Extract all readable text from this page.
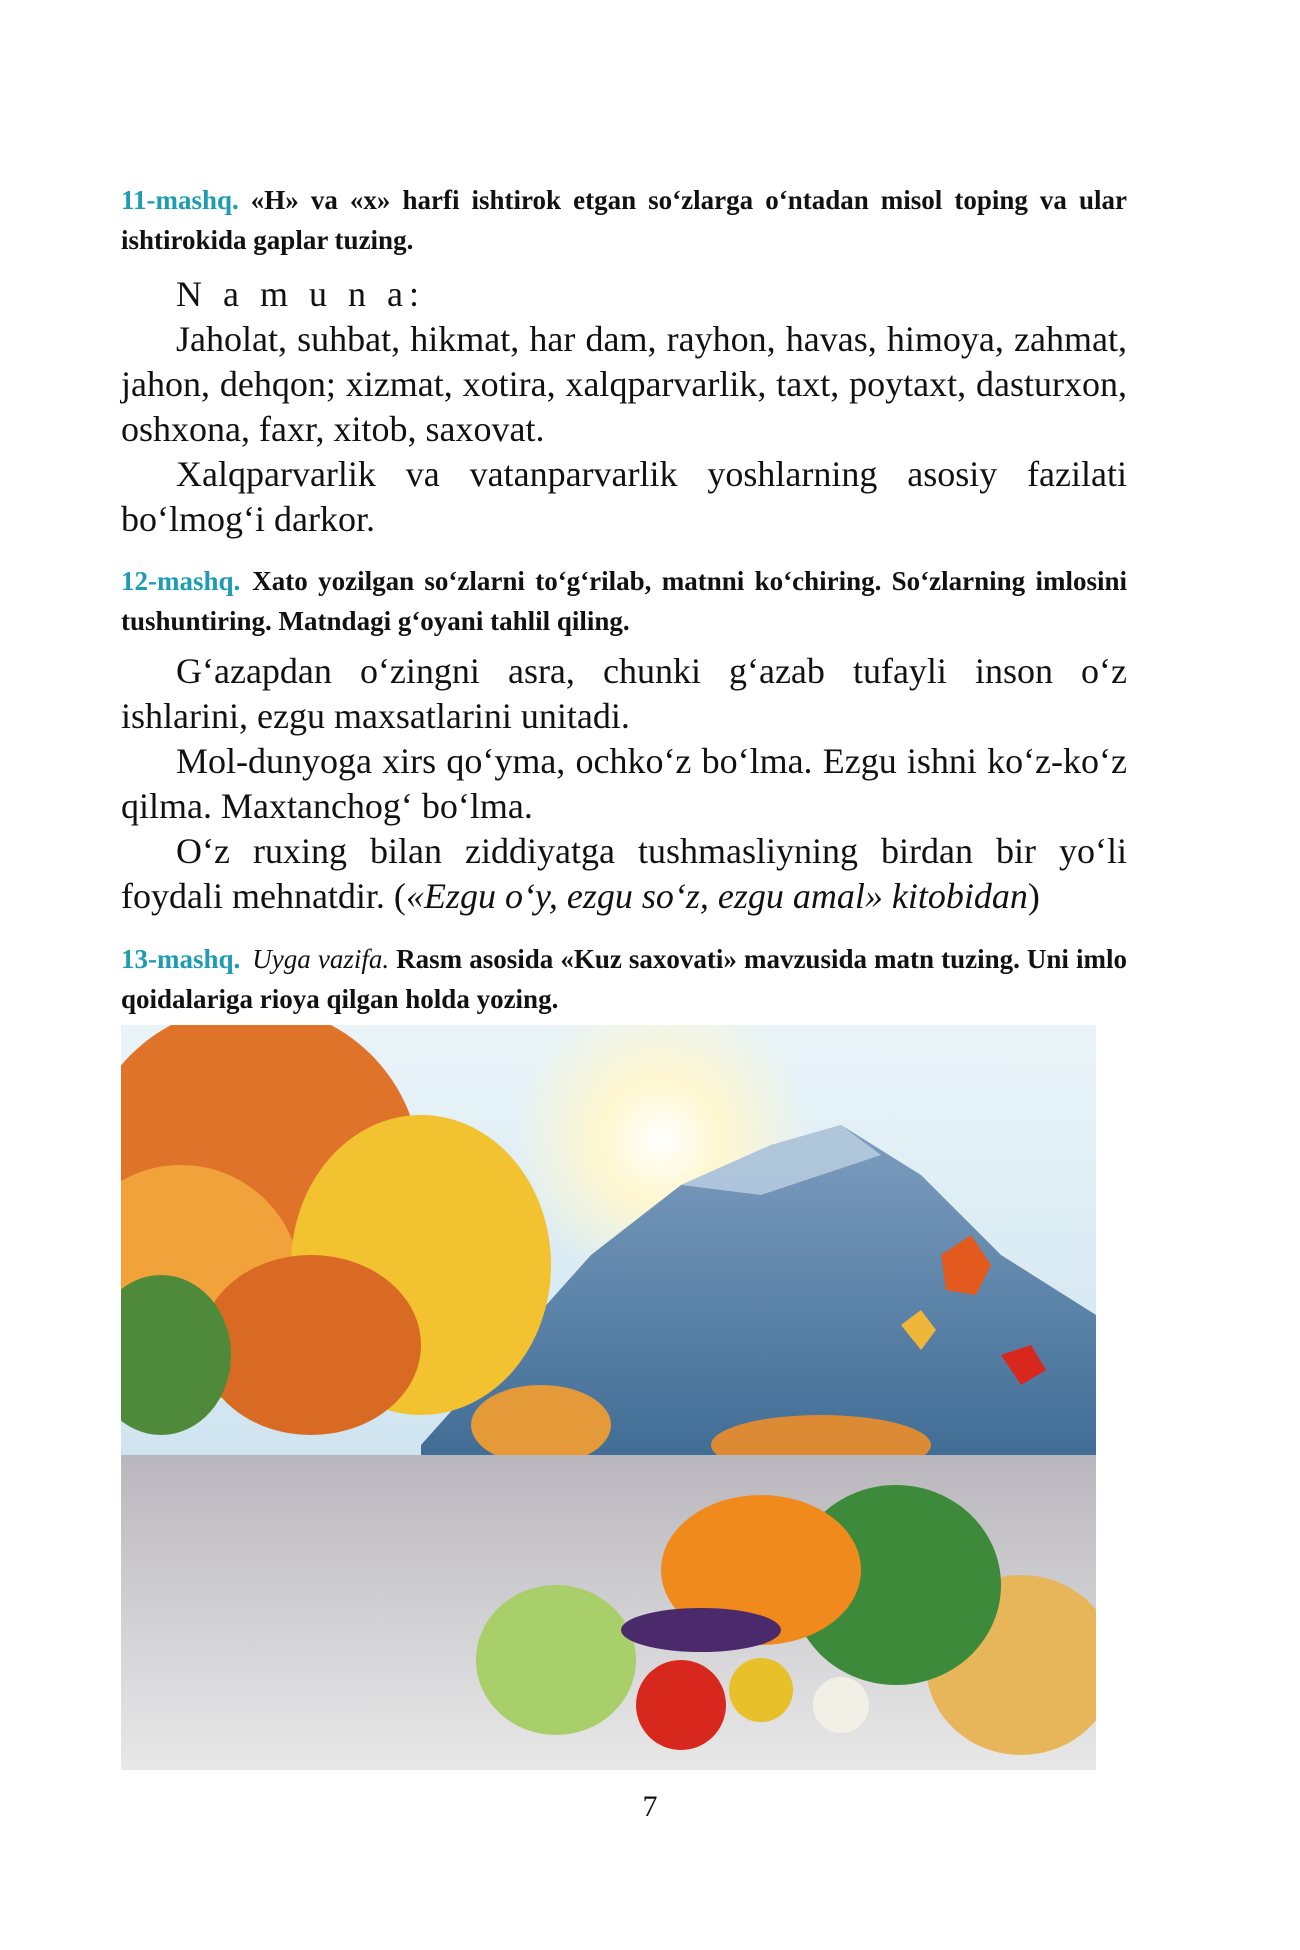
11-mashq. «H» va «x» harfi ishtirok etgan so‘zlarga o‘ntadan misol toping va ular ishtirokida gaplar tuzing.

N a m u n a:

Jaholat, suhbat, hikmat, har dam, rayhon, havas, himoya, zahmat, jahon, dehqon; xizmat, xotira, xalqparvarlik, taxt, poytaxt, dasturxon, oshxona, faxr, xitob, saxovat.

Xalqparvarlik va vatanparvarlik yoshlarning asosiy fazilati bo‘lmog‘i darkor.

12-mashq. Xato yozilgan so‘zlarni to‘g‘rilab, matnni ko‘chiring. So‘zlarning imlosini tushuntiring. Matndagi g‘oyani tahlil qiling.

G‘azapdan o‘zingni asra, chunki g‘azab tufayli inson o‘z ishlarini, ezgu maxsatlarini unitadi.

Mol-dunyoga xirs qo‘yma, ochko‘z bo‘lma. Ezgu ishni ko‘z-ko‘z qilma. Maxtanchog‘ bo‘lma.

O‘z ruxing bilan ziddiyatga tushmasliyning birdan bir yo‘li foydali mehnatdir. («Ezgu o‘y, ezgu so‘z, ezgu amal» kitobidan)

13-mashq. Uyga vazifa. Rasm asosida «Kuz saxovati» mavzusida matn tuzing. Uni imlo qoidalariga rioya qilgan holda yozing.
7
